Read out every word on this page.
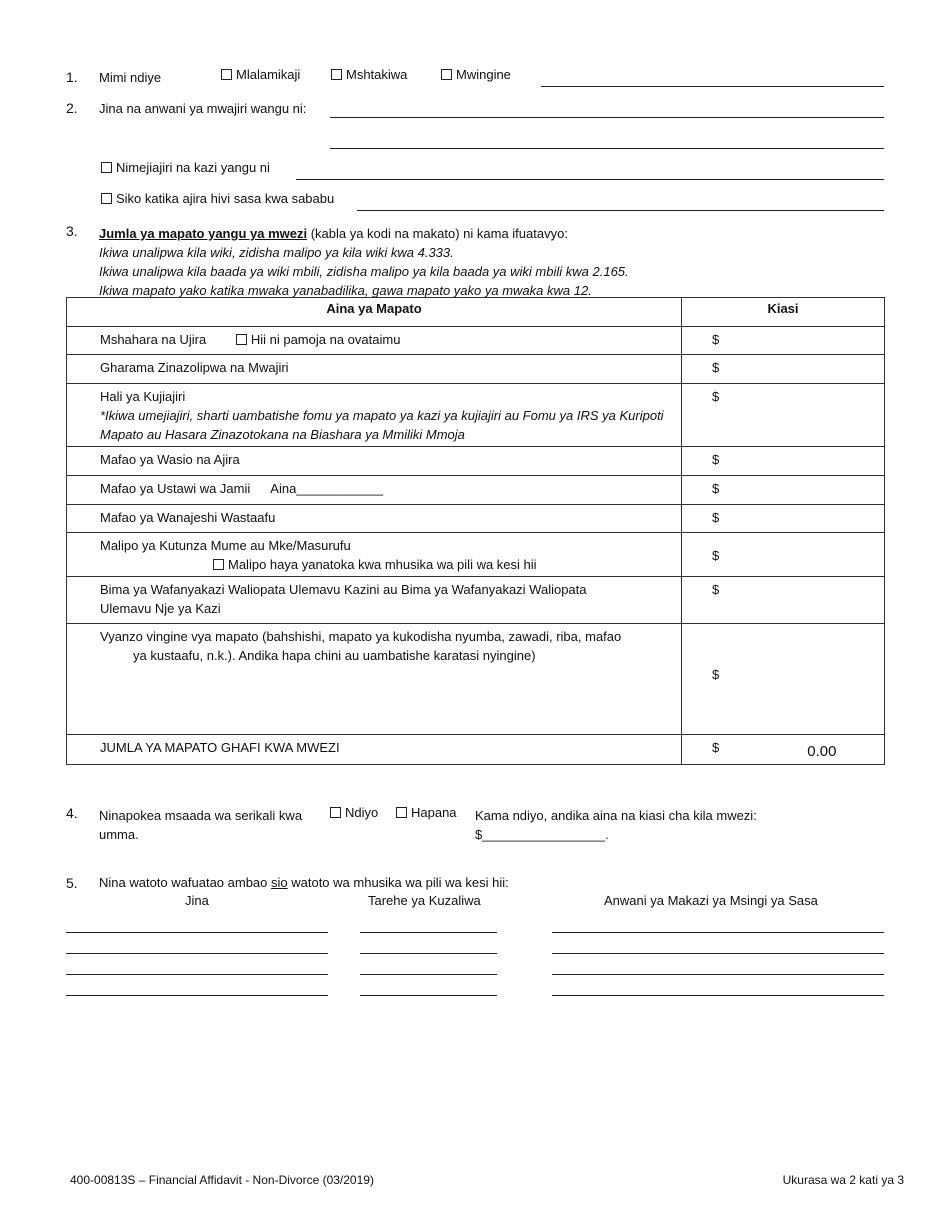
1. Mimi ndiye	Mlalamikaji	Mshtakiwa	Mwingine
2. Jina na anwani ya mwajiri wangu ni:
Nimejiajiri na kazi yangu ni
Siko katika ajira hivi sasa kwa sababu
3. Jumla ya mapato yangu ya mwezi (kabla ya kodi na makato) ni kama ifuatavyo:
Ikiwa unalipwa kila wiki, zidisha malipo ya kila wiki kwa 4.333.
Ikiwa unalipwa kila baada ya wiki mbili, zidisha malipo ya kila baada ya wiki mbili kwa 2.165.
Ikiwa mapato yako katika mwaka yanabadilika, gawa mapato yako ya mwaka kwa 12.
Aina ya Mapato	Kiasi
Mshahara na Ujira Hii ni pamoja na ovataimu	$
Gharama Zinazolipwa na Mwajiri	$
Hali ya Kujiajiri
*Ikiwa umejiajiri, sharti uambatishe fomu ya mapato ya kazi ya kujiajiri au Fomu ya IRS ya Kuripoti Mapato au Hasara Zinazotokana na Biashara ya Mmiliki Mmoja	$
Mafao ya Wasio na Ajira	$
Mafao ya Ustawi wa Jamii Aina____________	$
Mafao ya Wanajeshi Wastaafu	$
Malipo ya Kutunza Mume au Mke/Masurufu
Malipo haya yanatoka kwa mhusika wa pili wa kesi hii	$
Bima ya Wafanyakazi Waliopata Ulemavu Kazini au Bima ya Wafanyakazi Waliopata Ulemavu Nje ya Kazi	$
Vyanzo vingine vya mapato (bahshishi, mapato ya kukodisha nyumba, zawadi, riba, mafao
ya kustaafu, n.k.). Andika hapa chini au uambatishe karatasi nyingine)	$
JUMLA YA MAPATO GHAFI KWA MWEZI	$ 0.00
4. Ninapokea msaada wa serikali kwa
umma.
Ndiyo	Hapana Kama ndiyo, andika aina na kiasi cha kila mwezi:
$_________________.
5. Nina watoto wafuatao ambao sio watoto wa mhusika wa pili wa kesi hii:
Jina	Tarehe ya Kuzaliwa	Anwani ya Makazi ya Msingi ya Sasa
400-00813S – Financial Affidavit - Non-Divorce (03/2019)	Ukurasa wa 2 kati ya 3
